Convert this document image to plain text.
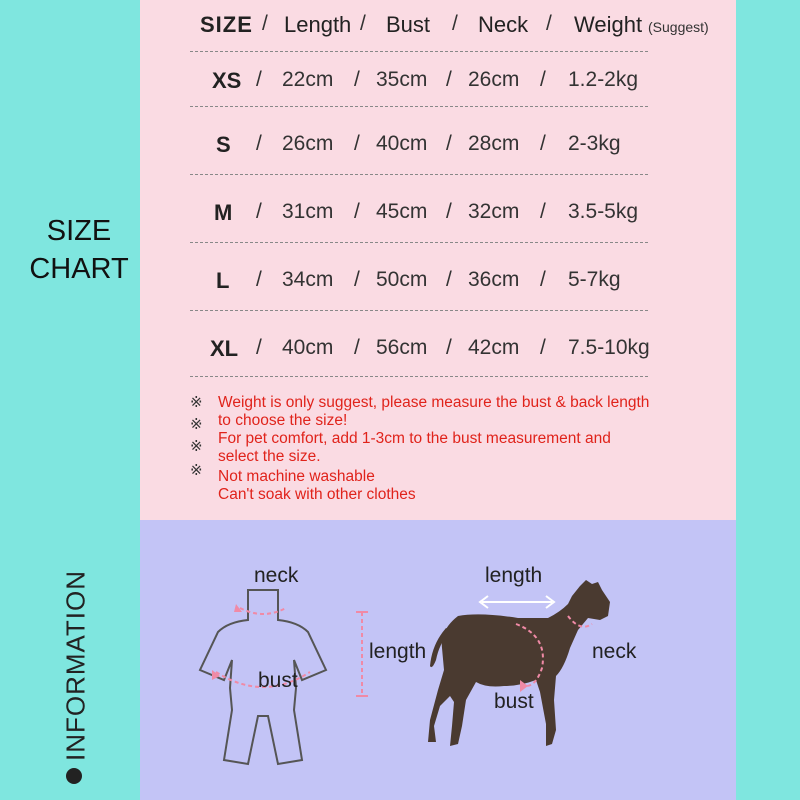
SIZE
CHART
INFORMATION
SIZE / Length / Bust / Neck / Weight (Suggest)
XS / 22cm / 35cm / 26cm / 1.2-2kg
S / 26cm / 40cm / 28cm / 2-3kg
M / 31cm / 45cm / 32cm / 3.5-5kg
L / 34cm / 50cm / 36cm / 5-7kg
XL / 40cm / 56cm / 42cm / 7.5-10kg
※
※
※
※
Weight is only suggest, please measure the bust & back length
to choose the size!
For pet comfort, add 1-3cm to the bust measurement and
select the size.
Not machine washable
Can't soak with other clothes
neck
length
bust
length
neck
bust
